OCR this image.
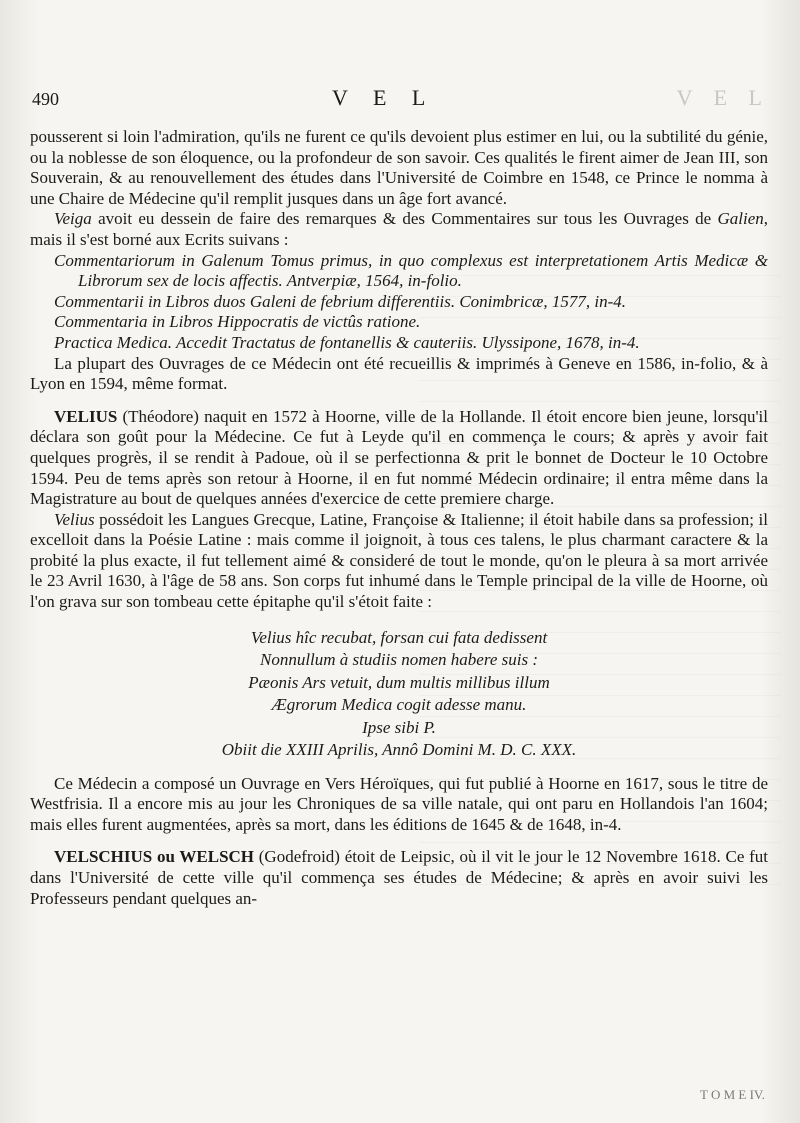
490	V E L	V E L

pousserent si loin l'admiration, qu'ils ne furent ce qu'ils devoient plus estimer en lui, ou la subtilité du génie, ou la noblesse de son éloquence, ou la profondeur de son savoir. Ces qualités le firent aimer de Jean III, son Souverain, & au renouvellement des études dans l'Université de Coimbre en 1548, ce Prince le nomma à une Chaire de Médecine qu'il remplit jusques dans un âge fort avancé.

Veiga avoit eu dessein de faire des remarques & des Commentaires sur tous les Ouvrages de Galien, mais il s'est borné aux Ecrits suivans :

Commentariorum in Galenum Tomus primus, in quo complexus est interpretationem Artis Medicæ & Librorum sex de locis affectis. Antverpiæ, 1564, in-folio.

Commentarii in Libros duos Galeni de febrium differentiis. Conimbricæ, 1577, in-4.

Commentaria in Libros Hippocratis de victûs ratione.

Practica Medica. Accedit Tractatus de fontanellis & cauteriis. Ulyssipone, 1678, in-4.

La plupart des Ouvrages de ce Médecin ont été recueillis & imprimés à Geneve en 1586, in-folio, & à Lyon en 1594, même format.

VELIUS (Théodore) naquit en 1572 à Hoorne, ville de la Hollande. Il étoit encore bien jeune, lorsqu'il déclara son goût pour la Médecine. Ce fut à Leyde qu'il en commença le cours; & après y avoir fait quelques progrès, il se rendit à Padoue, où il se perfectionna & prit le bonnet de Docteur le 10 Octobre 1594. Peu de tems après son retour à Hoorne, il en fut nommé Médecin ordinaire; il entra même dans la Magistrature au bout de quelques années d'exercice de cette premiere charge.

Velius possédoit les Langues Grecque, Latine, Françoise & Italienne; il étoit habile dans sa profession; il excelloit dans la Poésie Latine : mais comme il joignoit, à tous ces talens, le plus charmant caractere & la probité la plus exacte, il fut tellement aimé & consideré de tout le monde, qu'on le pleura à sa mort arrivée le 23 Avril 1630, à l'âge de 58 ans. Son corps fut inhumé dans le Temple principal de la ville de Hoorne, où l'on grava sur son tombeau cette épitaphe qu'il s'étoit faite :

Velius hîc recubat, forsan cui fata dedissent
Nonnullum à studiis nomen habere suis :
Pæonis Ars vetuit, dum multis millibus illum
Ægrorum Medica cogit adesse manu.
Ipse sibi P.
Obiit die XXIII Aprilis, Annô Domini M. D. C. XXX.

Ce Médecin a composé un Ouvrage en Vers Héroïques, qui fut publié à Hoorne en 1617, sous le titre de Westfrisia. Il a encore mis au jour les Chroniques de sa ville natale, qui ont paru en Hollandois l'an 1604; mais elles furent augmentées, après sa mort, dans les éditions de 1645 & de 1648, in-4.

VELSCHIUS ou WELSCH (Godefroid) étoit de Leipsic, où il vit le jour le 12 Novembre 1618. Ce fut dans l'Université de cette ville qu'il commença ses études de Médecine; & après en avoir suivi les Professeurs pendant quelques an-

T O M E IV.
